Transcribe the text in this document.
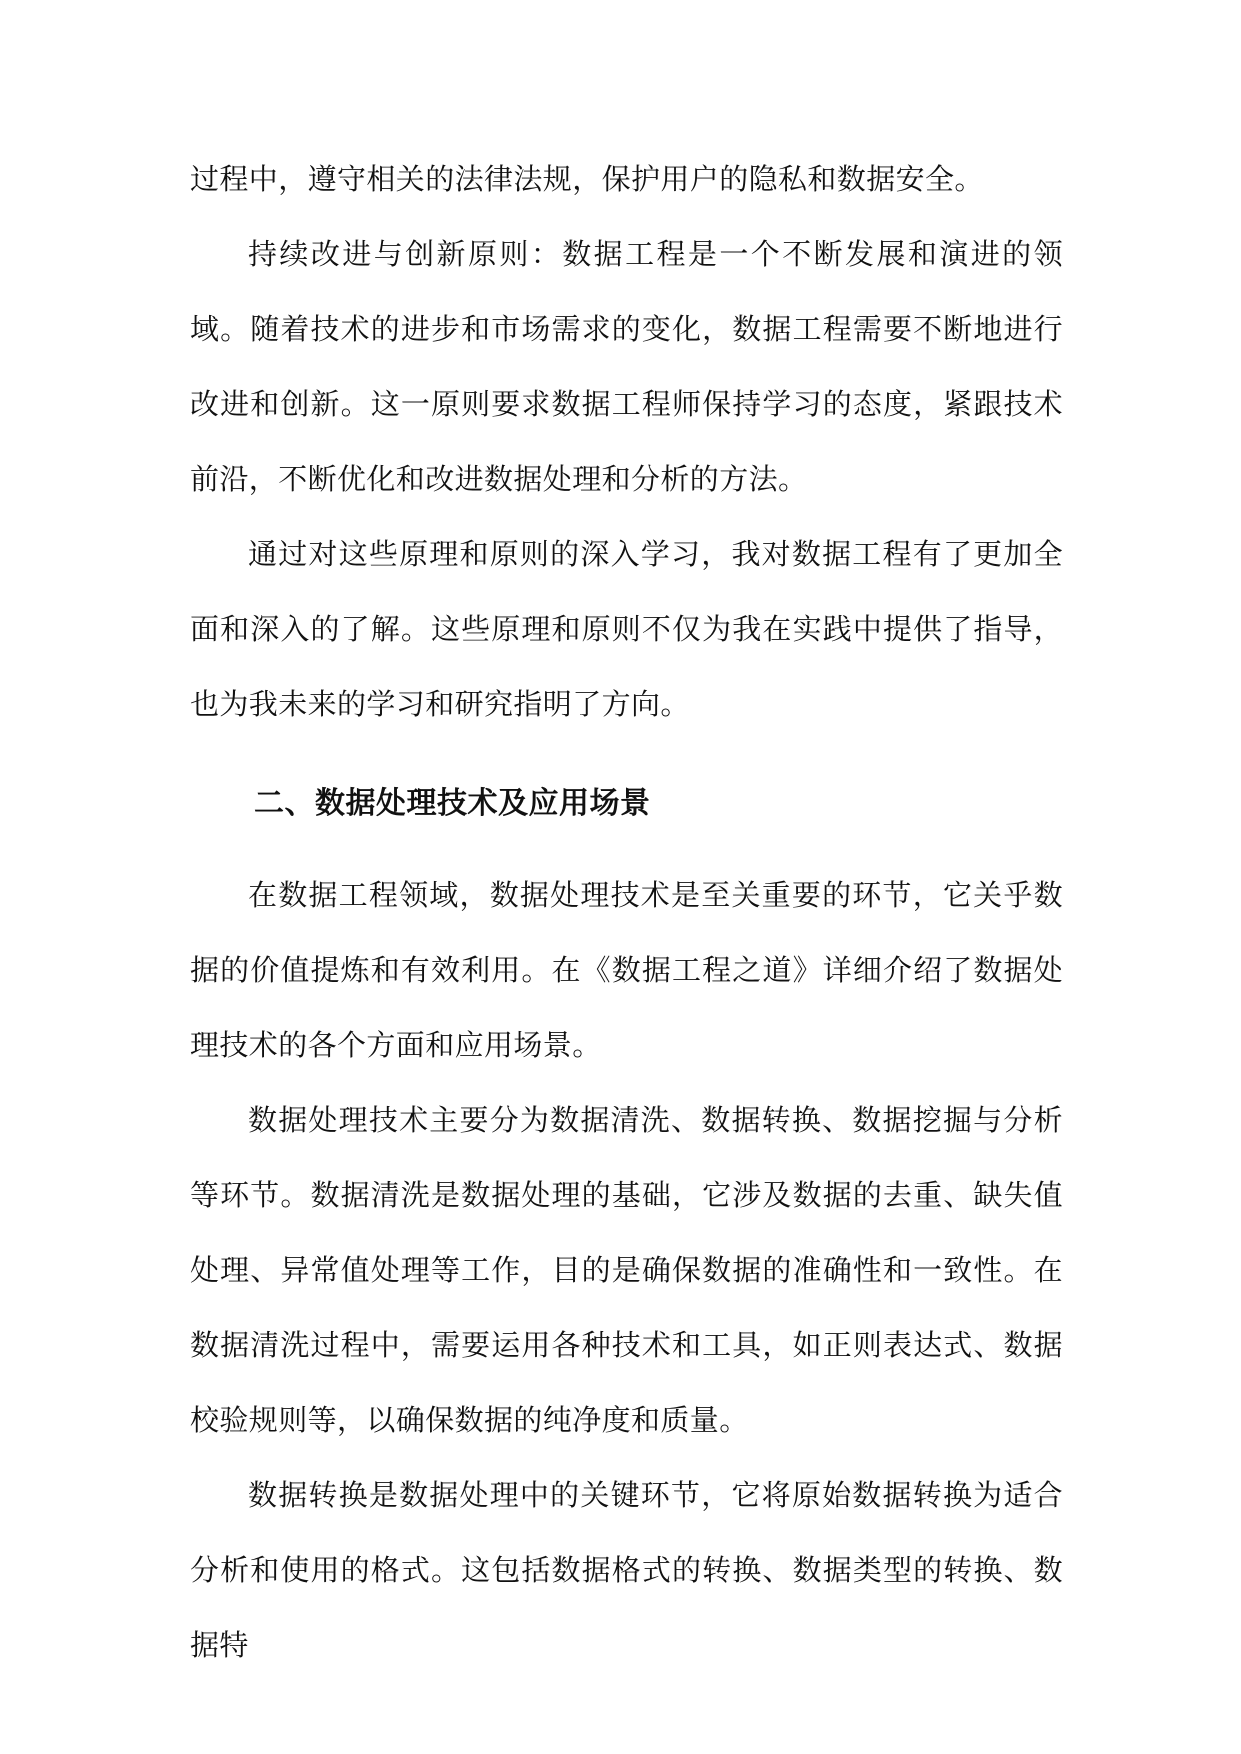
过程中，遵守相关的法律法规，保护用户的隐私和数据安全。

持续改进与创新原则：数据工程是一个不断发展和演进的领域。随着技术的进步和市场需求的变化，数据工程需要不断地进行改进和创新。这一原则要求数据工程师保持学习的态度，紧跟技术前沿，不断优化和改进数据处理和分析的方法。

通过对这些原理和原则的深入学习，我对数据工程有了更加全面和深入的了解。这些原理和原则不仅为我在实践中提供了指导，也为我未来的学习和研究指明了方向。

二、数据处理技术及应用场景

在数据工程领域，数据处理技术是至关重要的环节，它关乎数据的价值提炼和有效利用。在《数据工程之道》详细介绍了数据处理技术的各个方面和应用场景。

数据处理技术主要分为数据清洗、数据转换、数据挖掘与分析等环节。数据清洗是数据处理的基础，它涉及数据的去重、缺失值处理、异常值处理等工作，目的是确保数据的准确性和一致性。在数据清洗过程中，需要运用各种技术和工具，如正则表达式、数据校验规则等，以确保数据的纯净度和质量。

数据转换是数据处理中的关键环节，它将原始数据转换为适合分析和使用的格式。这包括数据格式的转换、数据类型的转换、数据特
